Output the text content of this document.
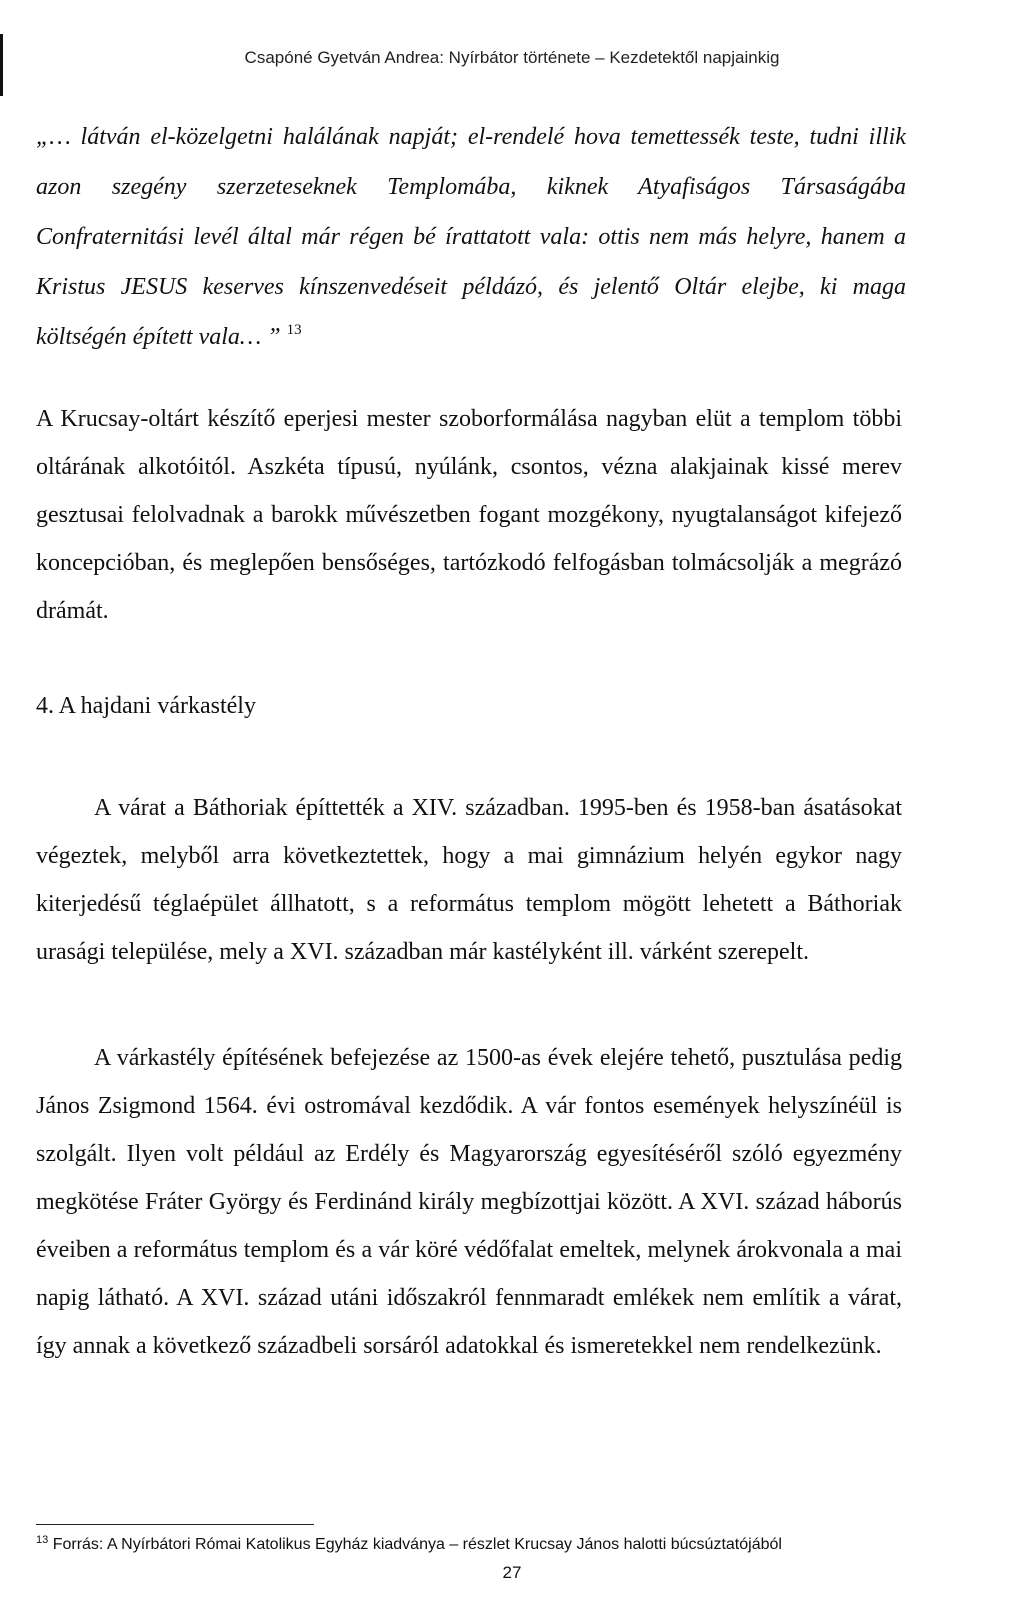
Csapóné Gyetván Andrea: Nyírbátor története – Kezdetektől napjainkig

„… látván el-közelgetni halálának napját; el-rendelé hova temettessék teste, tudni illik azon szegény szerzeteseknek Templomába, kiknek Atyafiságos Társaságába Confraternitási levél által már régen bé írattatott vala: ottis nem más helyre, hanem a Kristus JESUS keserves kínszenvedéseit példázó, és jelentő Oltár elejbe, ki maga költségén épített vala… ” $^{13}$

A Krucsay-oltárt készítő eperjesi mester szoborformálása nagyban elüt a templom többi oltárának alkotóitól. Aszkéta típusú, nyúlánk, csontos, vézna alakjainak kissé merev gesztusai felolvadnak a barokk művészetben fogant mozgékony, nyugtalanságot kifejező koncepcióban, és meglepően bensőséges, tartózkodó felfogásban tolmácsolják a megrázó drámát.

4. A hajdani várkastély

A várat a Báthoriak építtették a XIV. században. 1995-ben és 1958-ban ásatásokat végeztek, melyből arra következtettek, hogy a mai gimnázium helyén egykor nagy kiterjedésű téglaépület állhatott, s a református templom mögött lehetett a Báthoriak urasági települése, mely a XVI. században már kastélyként ill. várként szerepelt.

A várkastély építésének befejezése az 1500-as évek elejére tehető, pusztulása pedig János Zsigmond 1564. évi ostromával kezdődik. A vár fontos események helyszínéül is szolgált. Ilyen volt például az Erdély és Magyarország egyesítéséről szóló egyezmény megkötése Fráter György és Ferdinánd király megbízottjai között. A XVI. század háborús éveiben a református templom és a vár köré védőfalat emeltek, melynek árokvonala a mai napig látható. A XVI. század utáni időszakról fennmaradt emlékek nem említik a várat, így annak a következő századbeli sorsáról adatokkal és ismeretekkel nem rendelkezünk.

$^{13}$ Forrás: A Nyírbátori Római Katolikus Egyház kiadványa – részlet Krucsay János halotti búcsúztatójából

27
